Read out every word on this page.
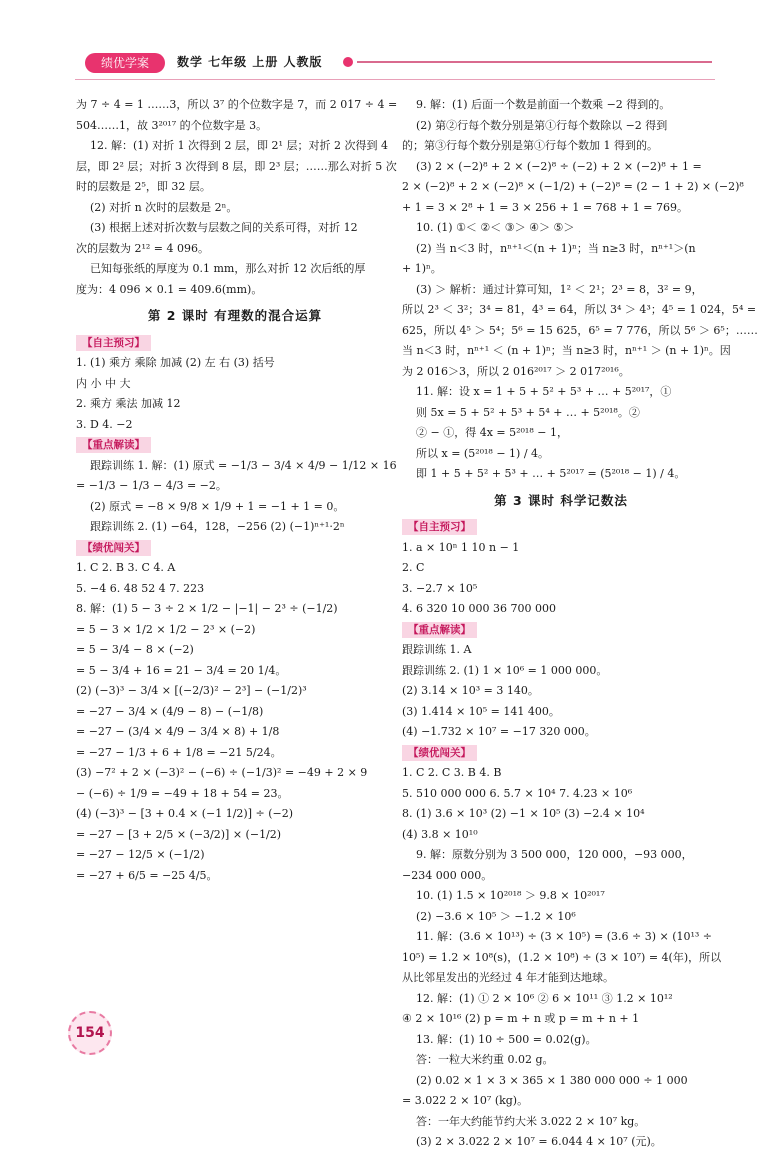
绩优学案	数学 七年级 上册 人教版
为 7 ÷ 4 = 1 ……3，所以 3⁷ 的个位数字是 7，而 2 017 ÷ 4 =
504……1，故 3²⁰¹⁷ 的个位数字是 3。
12. 解：(1) 对折 1 次得到 2 层，即 2¹ 层；对折 2 次得到 4
层，即 2² 层；对折 3 次得到 8 层，即 2³ 层；……那么对折 5 次
时的层数是 2⁵，即 32 层。
(2) 对折 n 次时的层数是 2ⁿ。
(3) 根据上述对折次数与层数之间的关系可得，对折 12
次的层数为 2¹² = 4 096。
已知每张纸的厚度为 0.1 mm，那么对折 12 次后纸的厚
度为：4 096 × 0.1 = 409.6(mm)。
第 2 课时 有理数的混合运算
【自主预习】
1. (1) 乘方 乘除 加减 (2) 左 右 (3) 括号
内 小 中 大
2. 乘方 乘法 加减 12
3. D 4. −2
【重点解读】
跟踪训练 1. 解：(1) 原式 = −1/3 − 3/4 × 4/9 − 1/12 × 16
= −1/3 − 1/3 − 4/3 = −2。
(2) 原式 = −8 × 9/8 × 1/9 + 1 = −1 + 1 = 0。
跟踪训练 2. (1) −64，128，−256 (2) (−1)ⁿ⁺¹·2ⁿ
【绩优闯关】
1. C 2. B 3. C 4. A
5. −4 6. 48 52 4 7. 223
8. 解：(1) 5 − 3 ÷ 2 × 1/2 − |−1| − 2³ ÷ (−1/2)
= 5 − 3 × 1/2 × 1/2 − 2³ × (−2)
= 5 − 3/4 − 8 × (−2)
= 5 − 3/4 + 16 = 21 − 3/4 = 20 1/4。
(2) (−3)³ − 3/4 × [(−2/3)² − 2³] − (−1/2)³
= −27 − 3/4 × (4/9 − 8) − (−1/8)
= −27 − (3/4 × 4/9 − 3/4 × 8) + 1/8
= −27 − 1/3 + 6 + 1/8 = −21 5/24。
(3) −7² + 2 × (−3)² − (−6) ÷ (−1/3)² = −49 + 2 × 9
− (−6) ÷ 1/9 = −49 + 18 + 54 = 23。
(4) (−3)³ − [3 + 0.4 × (−1 1/2)] ÷ (−2)
= −27 − [3 + 2/5 × (−3/2)] × (−1/2)
= −27 − 12/5 × (−1/2)
= −27 + 6/5 = −25 4/5。
9. 解：(1) 后面一个数是前面一个数乘 −2 得到的。
(2) 第②行每个数分别是第①行每个数除以 −2 得到
的；第③行每个数分别是第①行每个数加 1 得到的。
(3) 2 × (−2)⁸ + 2 × (−2)⁸ ÷ (−2) + 2 × (−2)⁸ + 1 =
2 × (−2)⁸ + 2 × (−2)⁸ × (−1/2) + (−2)⁸ = (2 − 1 + 2) × (−2)⁸
+ 1 = 3 × 2⁸ + 1 = 3 × 256 + 1 = 768 + 1 = 769。
10. (1) ①＜ ②＜ ③＞ ④＞ ⑤＞
(2) 当 n＜3 时，nⁿ⁺¹＜(n + 1)ⁿ；当 n≥3 时，nⁿ⁺¹＞(n
+ 1)ⁿ。
(3) ＞ 解析：通过计算可知，1² ＜ 2¹；2³ = 8，3² = 9，
所以 2³ ＜ 3²；3⁴ = 81，4³ = 64，所以 3⁴ ＞ 4³；4⁵ = 1 024，5⁴ =
625，所以 4⁵ ＞ 5⁴；5⁶ = 15 625，6⁵ = 7 776，所以 5⁶ ＞ 6⁵；……
当 n＜3 时，nⁿ⁺¹ ＜ (n + 1)ⁿ；当 n≥3 时，nⁿ⁺¹ ＞ (n + 1)ⁿ。因
为 2 016＞3，所以 2 016²⁰¹⁷ ＞ 2 017²⁰¹⁶。
11. 解：设 x = 1 + 5 + 5² + 5³ + … + 5²⁰¹⁷，①
则 5x = 5 + 5² + 5³ + 5⁴ + … + 5²⁰¹⁸。②
② − ①，得 4x = 5²⁰¹⁸ − 1，
所以 x = (5²⁰¹⁸ − 1) / 4。
即 1 + 5 + 5² + 5³ + … + 5²⁰¹⁷ = (5²⁰¹⁸ − 1) / 4。
第 3 课时 科学记数法
【自主预习】
1. a × 10ⁿ 1 10 n − 1
2. C
3. −2.7 × 10⁵
4. 6 320 10 000 36 700 000
【重点解读】
跟踪训练 1. A
跟踪训练 2. (1) 1 × 10⁶ = 1 000 000。
(2) 3.14 × 10³ = 3 140。
(3) 1.414 × 10⁵ = 141 400。
(4) −1.732 × 10⁷ = −17 320 000。
【绩优闯关】
1. C 2. C 3. B 4. B
5. 510 000 000 6. 5.7 × 10⁴ 7. 4.23 × 10⁶
8. (1) 3.6 × 10³ (2) −1 × 10⁵ (3) −2.4 × 10⁴
(4) 3.8 × 10¹⁰
9. 解：原数分别为 3 500 000，120 000，−93 000，
−234 000 000。
10. (1) 1.5 × 10²⁰¹⁸ ＞ 9.8 × 10²⁰¹⁷
(2) −3.6 × 10⁵ ＞ −1.2 × 10⁶
11. 解：(3.6 × 10¹³) ÷ (3 × 10⁵) = (3.6 ÷ 3) × (10¹³ ÷
10⁵) = 1.2 × 10⁸(s)，(1.2 × 10⁸) ÷ (3 × 10⁷) = 4(年)，所以
从比邻星发出的光经过 4 年才能到达地球。
12. 解：(1) ① 2 × 10⁶ ② 6 × 10¹¹ ③ 1.2 × 10¹²
④ 2 × 10¹⁶ (2) p = m + n 或 p = m + n + 1
13. 解：(1) 10 ÷ 500 = 0.02(g)。
答：一粒大米约重 0.02 g。
(2) 0.02 × 1 × 3 × 365 × 1 380 000 000 ÷ 1 000
= 3.022 2 × 10⁷ (kg)。
答：一年大约能节约大米 3.022 2 × 10⁷ kg。
(3) 2 × 3.022 2 × 10⁷ = 6.044 4 × 10⁷ (元)。
154
